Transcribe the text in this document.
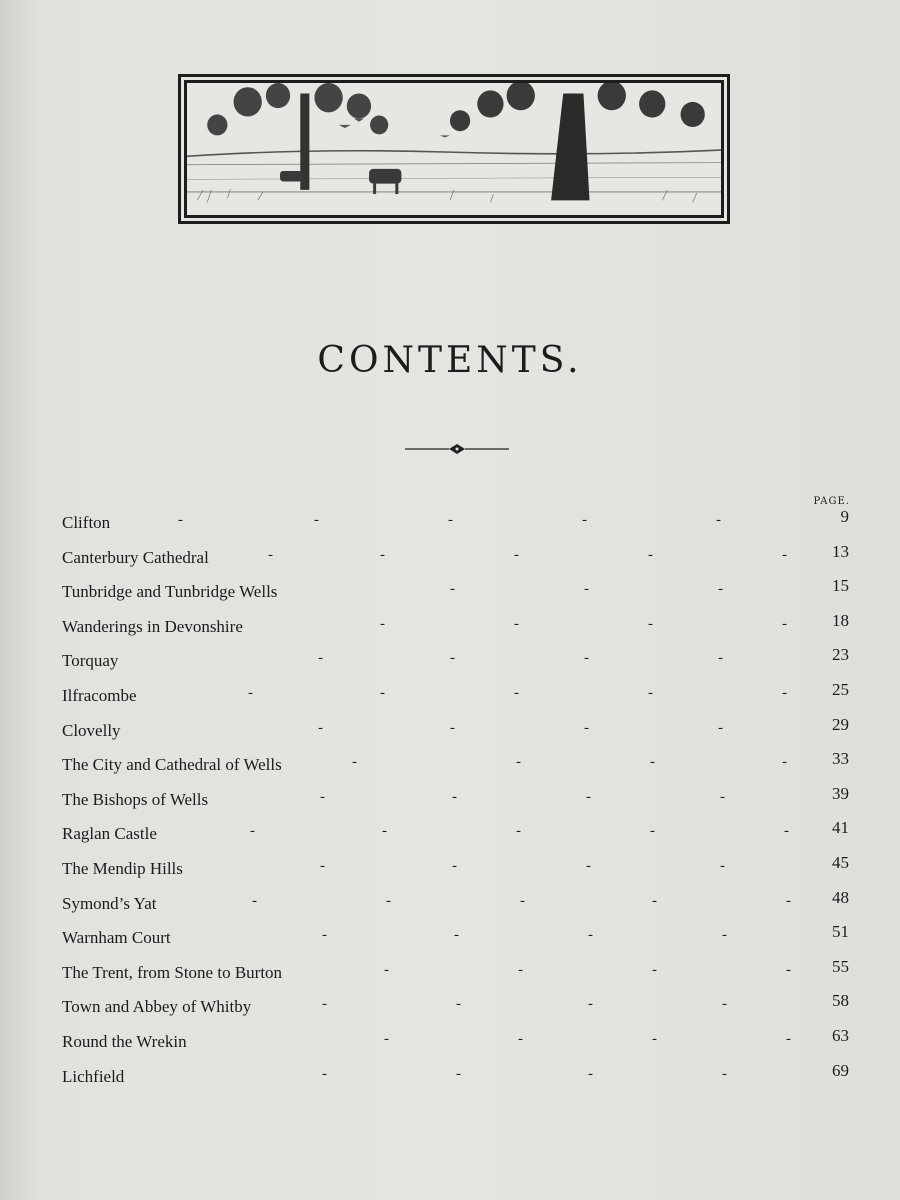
CONTENTS.
PAGE.
Clifton	-	-	-	-	-	9
Canterbury Cathedral	-	-	-	-	-	13
Tunbridge and Tunbridge Wells	-	-	-	15
Wanderings in Devonshire	-	-	-	-	18
Torquay	-	-	-	-	23
Ilfracombe	-	-	-	-	-	25
Clovelly	-	-	-	-	29
The City and Cathedral of Wells	-	-	-	-	33
The Bishops of Wells	-	-	-	-	39
Raglan Castle	-	-	-	-	-	41
The Mendip Hills	-	-	-	-	45
Symond’s Yat	-	-	-	-	- 48
Warnham Court	-	-	-	-	51
The Trent, from Stone to Burton	-	-	-	- 55
Town and Abbey of Whitby	-	-	-	-	58
Round the Wrekin	-	-	-	- 63
Lichfield	-	-	-	-	69
